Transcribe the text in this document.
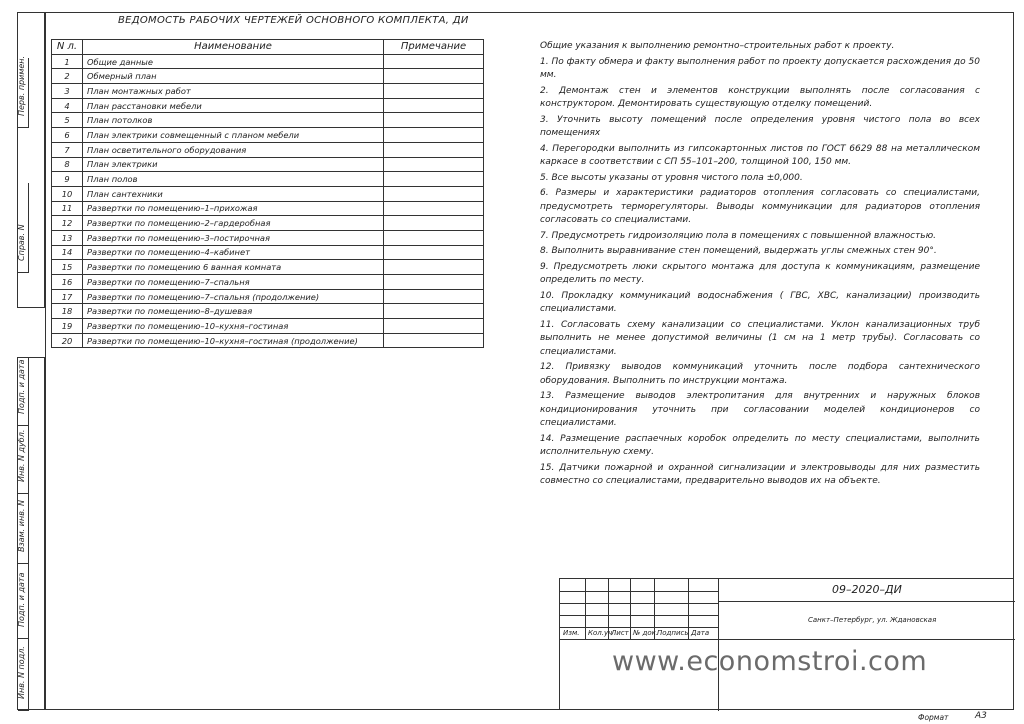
Перв. примен.
Справ. N
Подп. и дата
Инв. N дубл.
Взам. инв. N
Подп. и дата
Инв. N подл.
ВЕДОМОСТЬ РАБОЧИХ ЧЕРТЕЖЕЙ ОСНОВНОГО КОМПЛЕКТА, ДИ
N л.	Наименование	Примечание
1	Общие данные	
2	Обмерный план	
3	План монтажных работ	
4	План расстановки мебели	
5	План потолков	
6	План электрики совмещенный с планом мебели	
7	План осветительного оборудования	
8	План электрики	
9	План полов	
10	План сантехники	
11	Развертки по помещению–1–прихожая	
12	Развертки по помещению–2–гардеробная	
13	Развертки по помещению–3–постирочная	
14	Развертки по помещению–4–кабинет	
15	Развертки по помещению 6 ванная комната	
16	Развертки по помещению–7–спальня	
17	Развертки по помещению–7–спальня (продолжение)	
18	Развертки по помещению–8–душевая	
19	Развертки по помещению–10–кухня–гостиная	
20	Развертки по помещению–10–кухня–гостиная (продолжение)	

Общие указания к выполнению ремонтно–строительных работ к проекту.

1. По факту обмера и факту выполнения работ по проекту допускается расхождения до 50 мм.

2. Демонтаж стен и элементов конструкции выполнять после согласования с конструктором. Демонтировать существующую отделку помещений.

3. Уточнить высоту помещений после определения уровня чистого пола во всех помещениях

4. Перегородки выполнить из гипсокартонных листов по ГОСТ 6629 88 на металлическом каркасе в соответствии с СП 55–101–200, толщиной 100, 150 мм.

5. Все высоты указаны от уровня чистого пола ±0,000.

6. Размеры и характеристики радиаторов отопления согласовать со специалистами, предусмотреть терморегуляторы. Выводы коммуникации для радиаторов отопления согласовать со специалистами.

7. Предусмотреть гидроизоляцию пола в помещениях с повышенной влажностью.

8. Выполнить выравнивание стен помещений, выдержать углы смежных стен 90°.

9. Предусмотреть люки скрытого монтажа для доступа к коммуникациям, размещение определить по месту.

10. Прокладку коммуникаций водоснабжения ( ГВС, ХВС, канализации) производить специалистами.

11. Согласовать схему канализации со специалистами. Уклон канализационных труб выполнить не менее допустимой величины (1 см на 1 метр трубы). Согласовать со специалистами.

12. Привязку выводов коммуникаций уточнить после подбора сантехнического оборудования. Выполнить по инструкции монтажа.

13. Размещение выводов электропитания для внутренних и наружных блоков кондиционирования уточнить при согласовании моделей кондиционеров со специалистами.

14. Размещение распаечных коробок определить по месту специалистами, выполнить исполнительную схему.

15. Датчики пожарной и охранной сигнализации и электровыводы для них разместить совместно со специалистами, предварительно выводов их на объекте.

Изм. Кол.уч
Лист № док.
Подпись Дата
09–2020–ДИ
Санкт–Петербург, ул. Ждановская
www.economstroi.com
Формат	А3
